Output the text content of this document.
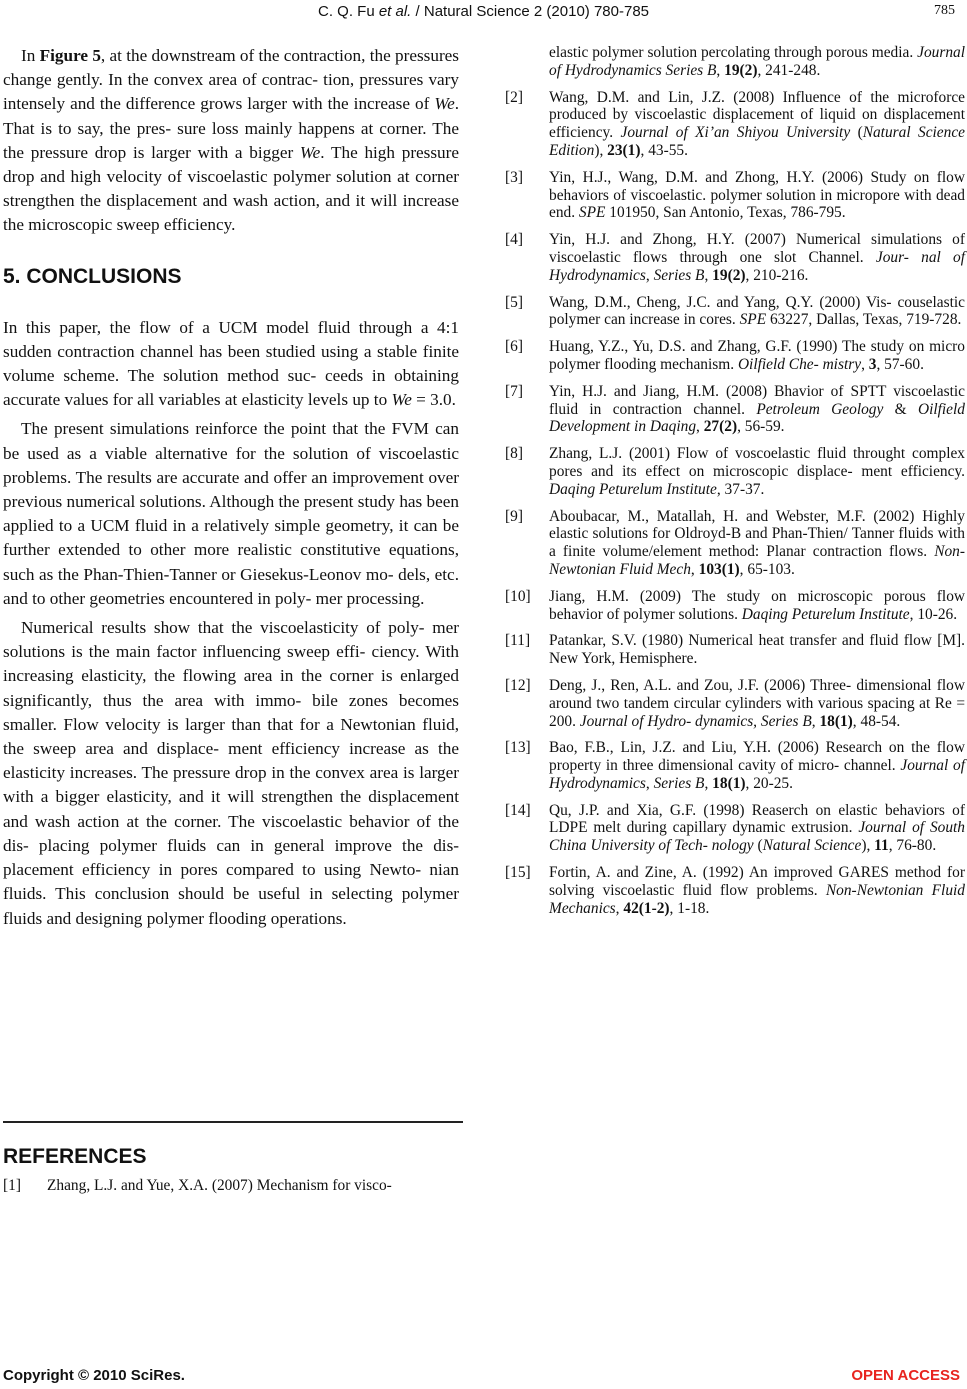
C. Q. Fu et al. / Natural Science 2 (2010) 780-785	785

In Figure 5, at the downstream of the contraction, the pressures change gently. In the convex area of contrac- tion, pressures vary intensely and the difference grows larger with the increase of We. That is to say, the pres- sure loss mainly happens at corner. The the pressure drop is larger with a bigger We. The high pressure drop and high velocity of viscoelastic polymer solution at corner strengthen the displacement and wash action, and it will increase the microscopic sweep efficiency.

5. CONCLUSIONS

In this paper, the flow of a UCM model fluid through a 4:1 sudden contraction channel has been studied using a stable finite volume scheme. The solution method suc- ceeds in obtaining accurate values for all variables at elasticity levels up to We = 3.0.

The present simulations reinforce the point that the FVM can be used as a viable alternative for the solution of viscoelastic problems. The results are accurate and offer an improvement over previous numerical solutions. Although the present study has been applied to a UCM fluid in a relatively simple geometry, it can be further extended to other more realistic constitutive equations, such as the Phan-Thien-Tanner or Giesekus-Leonov mo- dels, etc. and to other geometries encountered in poly- mer processing.

Numerical results show that the viscoelasticity of poly- mer solutions is the main factor influencing sweep effi- ciency. With increasing elasticity, the flowing area in the corner is enlarged significantly, thus the area with immo- bile zones becomes smaller. Flow velocity is larger than that for a Newtonian fluid, the sweep area and displace- ment efficiency increase as the elasticity increases. The pressure drop in the convex area is larger with a bigger elasticity, and it will strengthen the displacement and wash action at the corner. The viscoelastic behavior of the dis- placing polymer fluids can in general improve the dis- placement efficiency in pores compared to using Newto- nian fluids. This conclusion should be useful in selecting polymer fluids and designing polymer flooding operations.

REFERENCES

[1] Zhang, L.J. and Yue, X.A. (2007) Mechanism for visco-

elastic polymer solution percolating through porous media. Journal of Hydrodynamics Series B, 19(2), 241-248.

[2] Wang, D.M. and Lin, J.Z. (2008) Influence of the microforce produced by viscoelastic displacement of liquid on displacement efficiency. Journal of Xi’an Shiyou University (Natural Science Edition), 23(1), 43-55.

[3] Yin, H.J., Wang, D.M. and Zhong, H.Y. (2006) Study on flow behaviors of viscoelastic. polymer solution in micropore with dead end. SPE 101950, San Antonio, Texas, 786-795.

[4] Yin, H.J. and Zhong, H.Y. (2007) Numerical simulations of viscoelastic flows through one slot Channel. Jour- nal of Hydrodynamics, Series B, 19(2), 210-216.

[5] Wang, D.M., Cheng, J.C. and Yang, Q.Y. (2000) Vis- couselastic polymer can increase in cores. SPE 63227, Dallas, Texas, 719-728.

[6] Huang, Y.Z., Yu, D.S. and Zhang, G.F. (1990) The study on micro polymer flooding mechanism. Oilfield Che- mistry, 3, 57-60.

[7] Yin, H.J. and Jiang, H.M. (2008) Bhavior of SPTT viscoelastic fluid in contraction channel. Petroleum Geology & Oilfield Development in Daqing, 27(2), 56-59.

[8] Zhang, L.J. (2001) Flow of voscoelastic fluid throught complex pores and its effect on microscopic displace- ment efficiency. Daqing Peturelum Institute, 37-37.

[9] Aboubacar, M., Matallah, H. and Webster, M.F. (2002) Highly elastic solutions for Oldroyd-B and Phan-Thien/ Tanner fluids with a finite volume/element method: Planar contraction flows. Non-Newtonian Fluid Mech, 103(1), 65-103.

[10] Jiang, H.M. (2009) The study on microscopic porous flow behavior of polymer solutions. Daqing Peturelum Institute, 10-26.

[11] Patankar, S.V. (1980) Numerical heat transfer and fluid flow [M]. New York, Hemisphere.

[12] Deng, J., Ren, A.L. and Zou, J.F. (2006) Three- dimensional flow around two tandem circular cylinders with various spacing at Re = 200. Journal of Hydro- dynamics, Series B, 18(1), 48-54.

[13] Bao, F.B., Lin, J.Z. and Liu, Y.H. (2006) Research on the flow property in three dimensional cavity of micro- channel. Journal of Hydrodynamics, Series B, 18(1), 20-25.

[14] Qu, J.P. and Xia, G.F. (1998) Reaserch on elastic behaviors of LDPE melt during capillary dynamic extrusion. Journal of South China University of Tech- nology (Natural Science), 11, 76-80.

[15] Fortin, A. and Zine, A. (1992) An improved GARES method for solving viscoelastic fluid flow problems. Non-Newtonian Fluid Mechanics, 42(1-2), 1-18.

Copyright © 2010 SciRes.	OPEN ACCESS
